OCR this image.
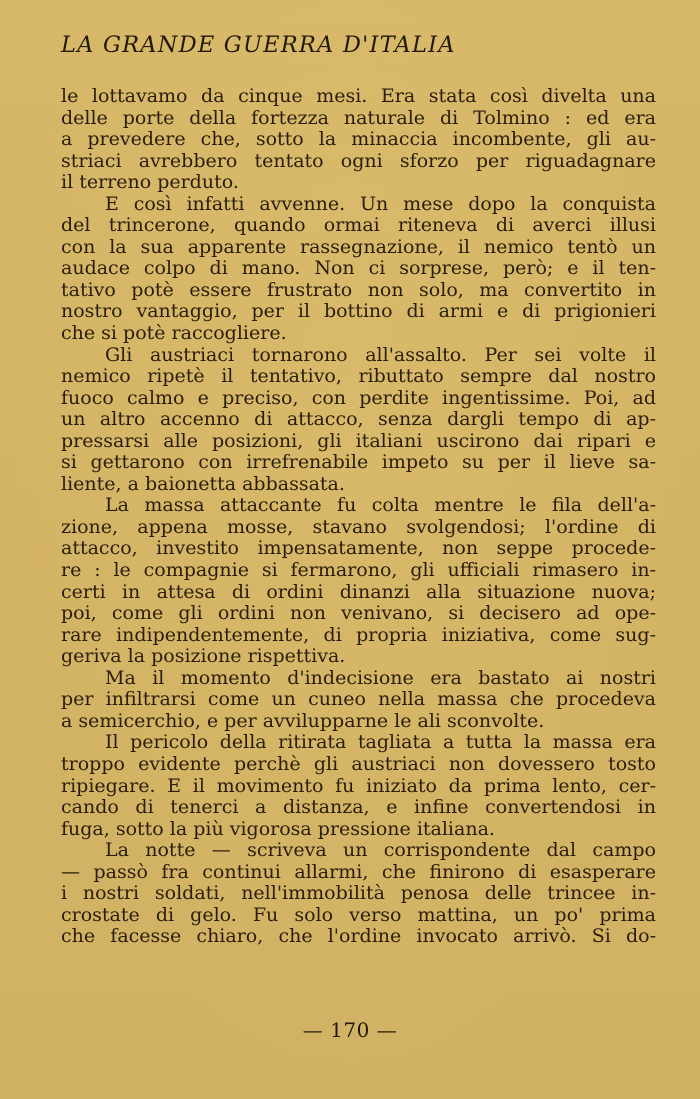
LA GRANDE GUERRA D'ITALIA
le lottavamo da cinque mesi. Era stata così divelta una
delle porte della fortezza naturale di Tolmino : ed era
a prevedere che, sotto la minaccia incombente, gli au-
striaci avrebbero tentato ogni sforzo per riguadagnare
il terreno perduto.
E così infatti avvenne. Un mese dopo la conquista
del trincerone, quando ormai riteneva di averci illusi
con la sua apparente rassegnazione, il nemico tentò un
audace colpo di mano. Non ci sorprese, però; e il ten-
tativo potè essere frustrato non solo, ma convertito in
nostro vantaggio, per il bottino di armi e di prigionieri
che si potè raccogliere.
Gli austriaci tornarono all'assalto. Per sei volte il
nemico ripetè il tentativo, ributtato sempre dal nostro
fuoco calmo e preciso, con perdite ingentissime. Poi, ad
un altro accenno di attacco, senza dargli tempo di ap-
pressarsi alle posizioni, gli italiani uscirono dai ripari e
si gettarono con irrefrenabile impeto su per il lieve sa-
liente, a baionetta abbassata.
La massa attaccante fu colta mentre le fila dell'a-
zione, appena mosse, stavano svolgendosi; l'ordine di
attacco, investito impensatamente, non seppe procede-
re : le compagnie si fermarono, gli ufficiali rimasero in-
certi in attesa di ordini dinanzi alla situazione nuova;
poi, come gli ordini non venivano, si decisero ad ope-
rare indipendentemente, di propria iniziativa, come sug-
geriva la posizione rispettiva.
Ma il momento d'indecisione era bastato ai nostri
per infiltrarsi come un cuneo nella massa che procedeva
a semicerchio, e per avvilupparne le ali sconvolte.
Il pericolo della ritirata tagliata a tutta la massa era
troppo evidente perchè gli austriaci non dovessero tosto
ripiegare. E il movimento fu iniziato da prima lento, cer-
cando di tenerci a distanza, e infine convertendosi in
fuga, sotto la più vigorosa pressione italiana.
La notte — scriveva un corrispondente dal campo
— passò fra continui allarmi, che finirono di esasperare
i nostri soldati, nell'immobilità penosa delle trincee in-
crostate di gelo. Fu solo verso mattina, un po' prima
che facesse chiaro, che l'ordine invocato arrivò. Si do-
— 170 —
